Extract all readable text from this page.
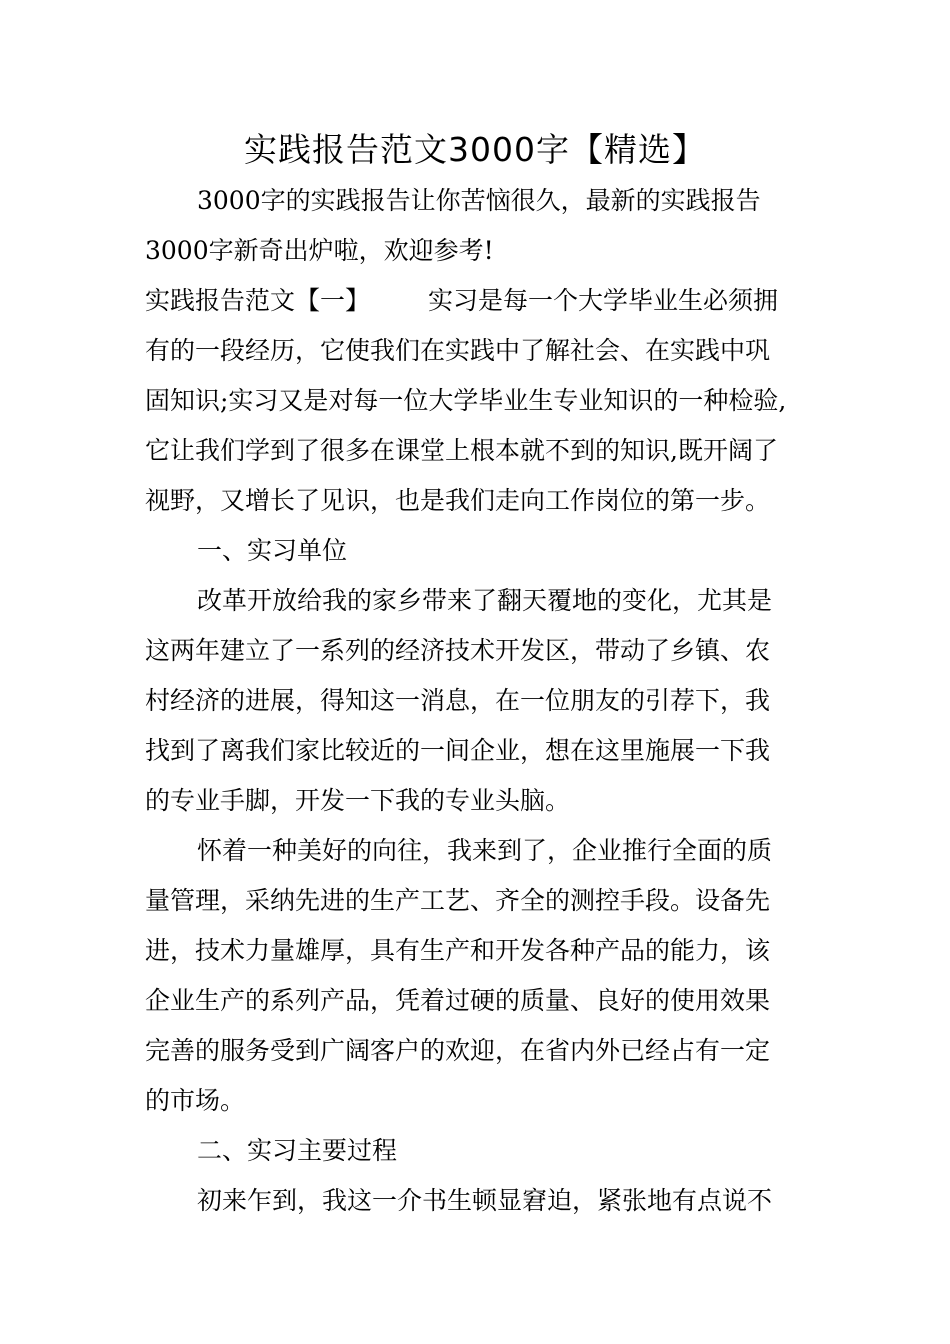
实践报告范文3000字【精选】

3000字的实践报告让你苦恼很久，最新的实践报告

3000字新奇出炉啦，欢迎参考!

实践报告范文【一】 实习是每一个大学毕业生必须拥

有的一段经历，它使我们在实践中了解社会、在实践中巩

固知识;实习又是对每一位大学毕业生专业知识的一种检验,

它让我们学到了很多在课堂上根本就不到的知识,既开阔了

视野，又增长了见识，也是我们走向工作岗位的第一步。

一、实习单位

改革开放给我的家乡带来了翻天覆地的变化，尤其是

这两年建立了一系列的经济技术开发区，带动了乡镇、农

村经济的进展，得知这一消息，在一位朋友的引荐下，我

找到了离我们家比较近的一间企业，想在这里施展一下我

的专业手脚，开发一下我的专业头脑。

怀着一种美好的向往，我来到了，企业推行全面的质

量管理，采纳先进的生产工艺、齐全的测控手段。设备先

进，技术力量雄厚，具有生产和开发各种产品的能力，该

企业生产的系列产品，凭着过硬的质量、良好的使用效果

完善的服务受到广阔客户的欢迎，在省内外已经占有一定

的市场。

二、实习主要过程

初来乍到，我这一介书生顿显窘迫，紧张地有点说不
